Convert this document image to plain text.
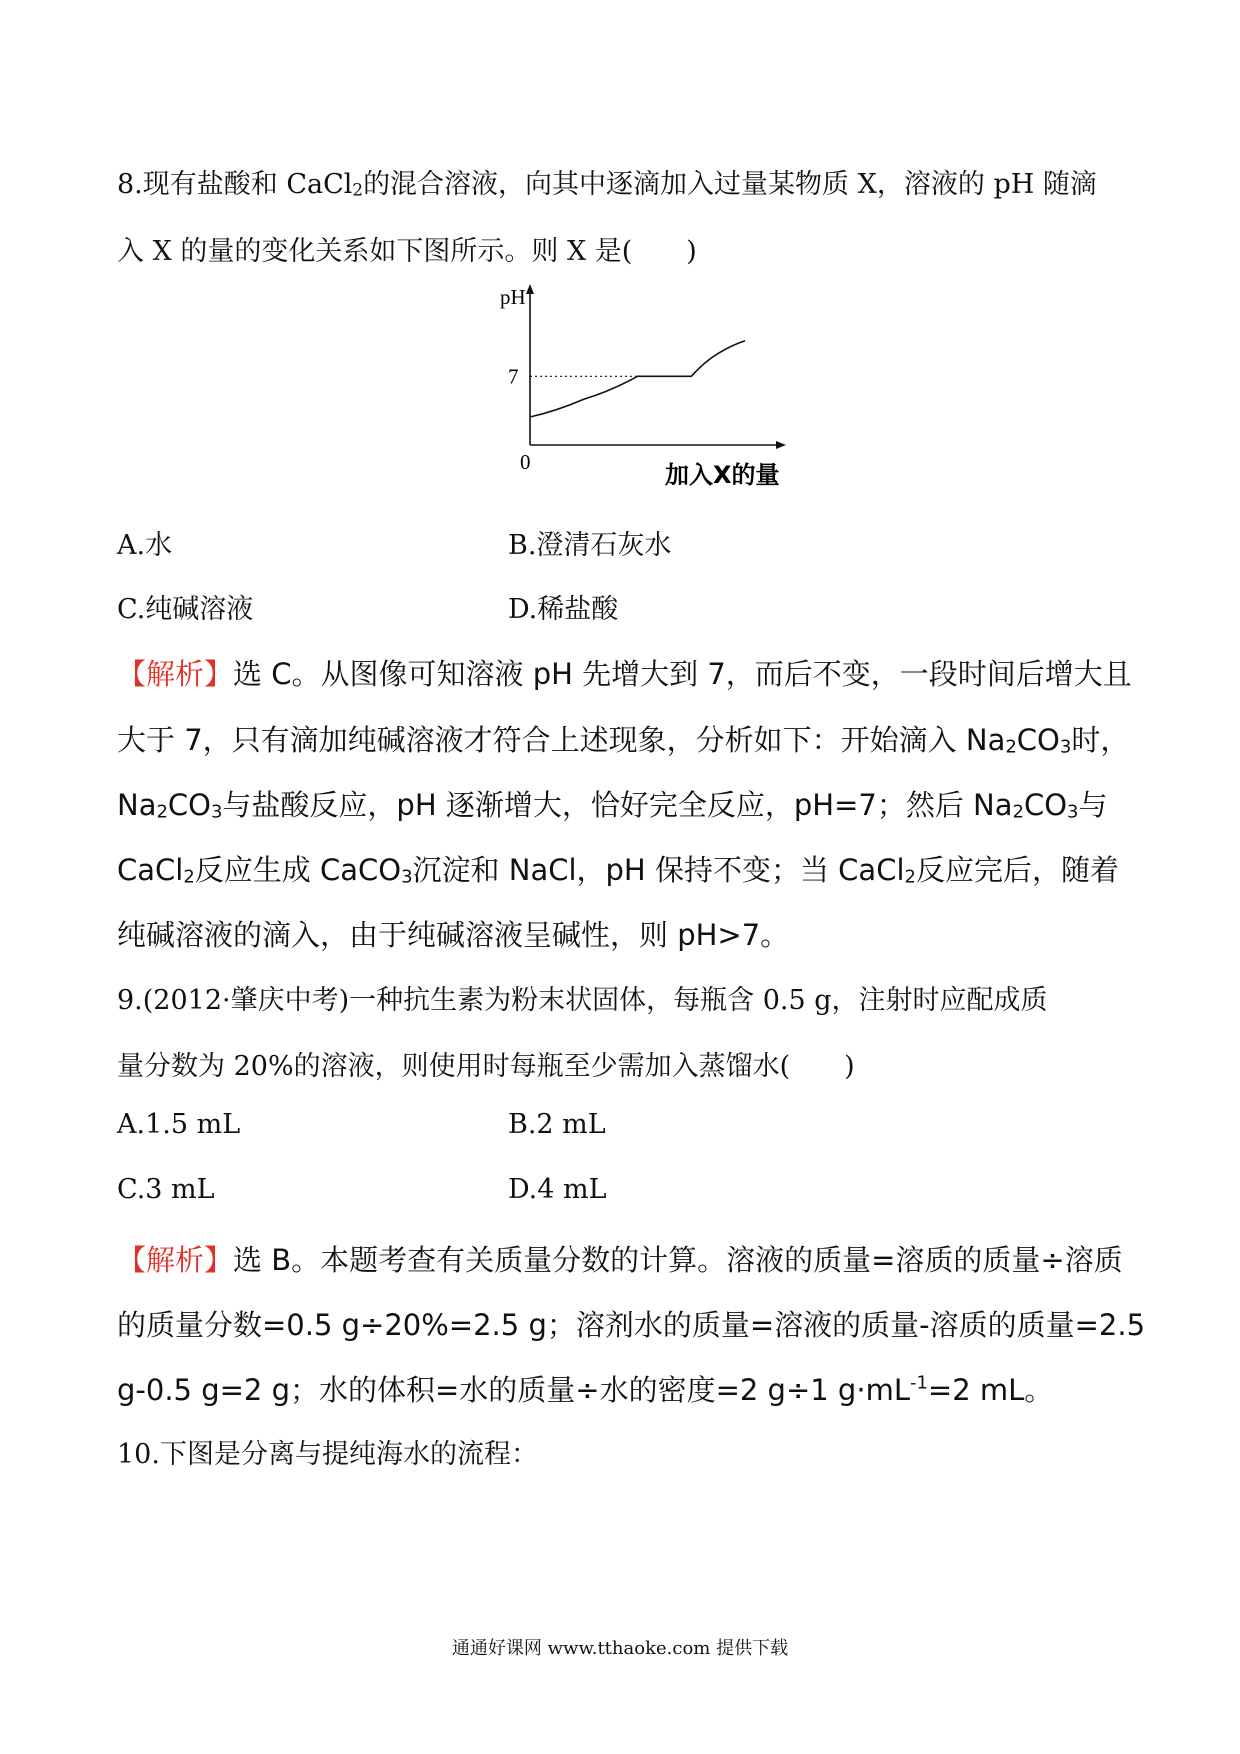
8.现有盐酸和 CaCl$_2$的混合溶液，向其中逐滴加入过量某物质 X，溶液的 pH 随滴
入 X 的量的变化关系如下图所示。则 X 是(　　)
pH
7
0	加入X的量
A.水	B.澄清石灰水
C.纯碱溶液	D.稀盐酸
【解析】选 C。从图像可知溶液 pH 先增大到 7，而后不变，一段时间后增大且
大于 7，只有滴加纯碱溶液才符合上述现象，分析如下：开始滴入 $Na_2CO_3$时，
$Na_2CO_3$与盐酸反应，pH 逐渐增大，恰好完全反应，pH=7；然后 $Na_2CO_3$与
CaCl$_2$反应生成 CaCO$_3$沉淀和 NaCl，pH 保持不变；当 CaCl$_2$反应完后，随着
纯碱溶液的滴入，由于纯碱溶液呈碱性，则 pH>7。
9.(2012·肇庆中考)一种抗生素为粉末状固体，每瓶含 0.5 g，注射时应配成质
量分数为 20%的溶液，则使用时每瓶至少需加入蒸馏水(　　)
A.1.5 mL	B.2 mL
C.3 mL	D.4 mL
【解析】选 B。本题考查有关质量分数的计算。溶液的质量=溶质的质量÷溶质
的质量分数=0.5 g÷20%=2.5 g；溶剂水的质量=溶液的质量-溶质的质量=2.5
g-0.5 g=2 g；水的体积=水的质量÷水的密度=2 g÷1 $g\cdot mL^{-1}=2$ mL。
10.下图是分离与提纯海水的流程：
通通好课网 www.tthaoke.com 提供下载
